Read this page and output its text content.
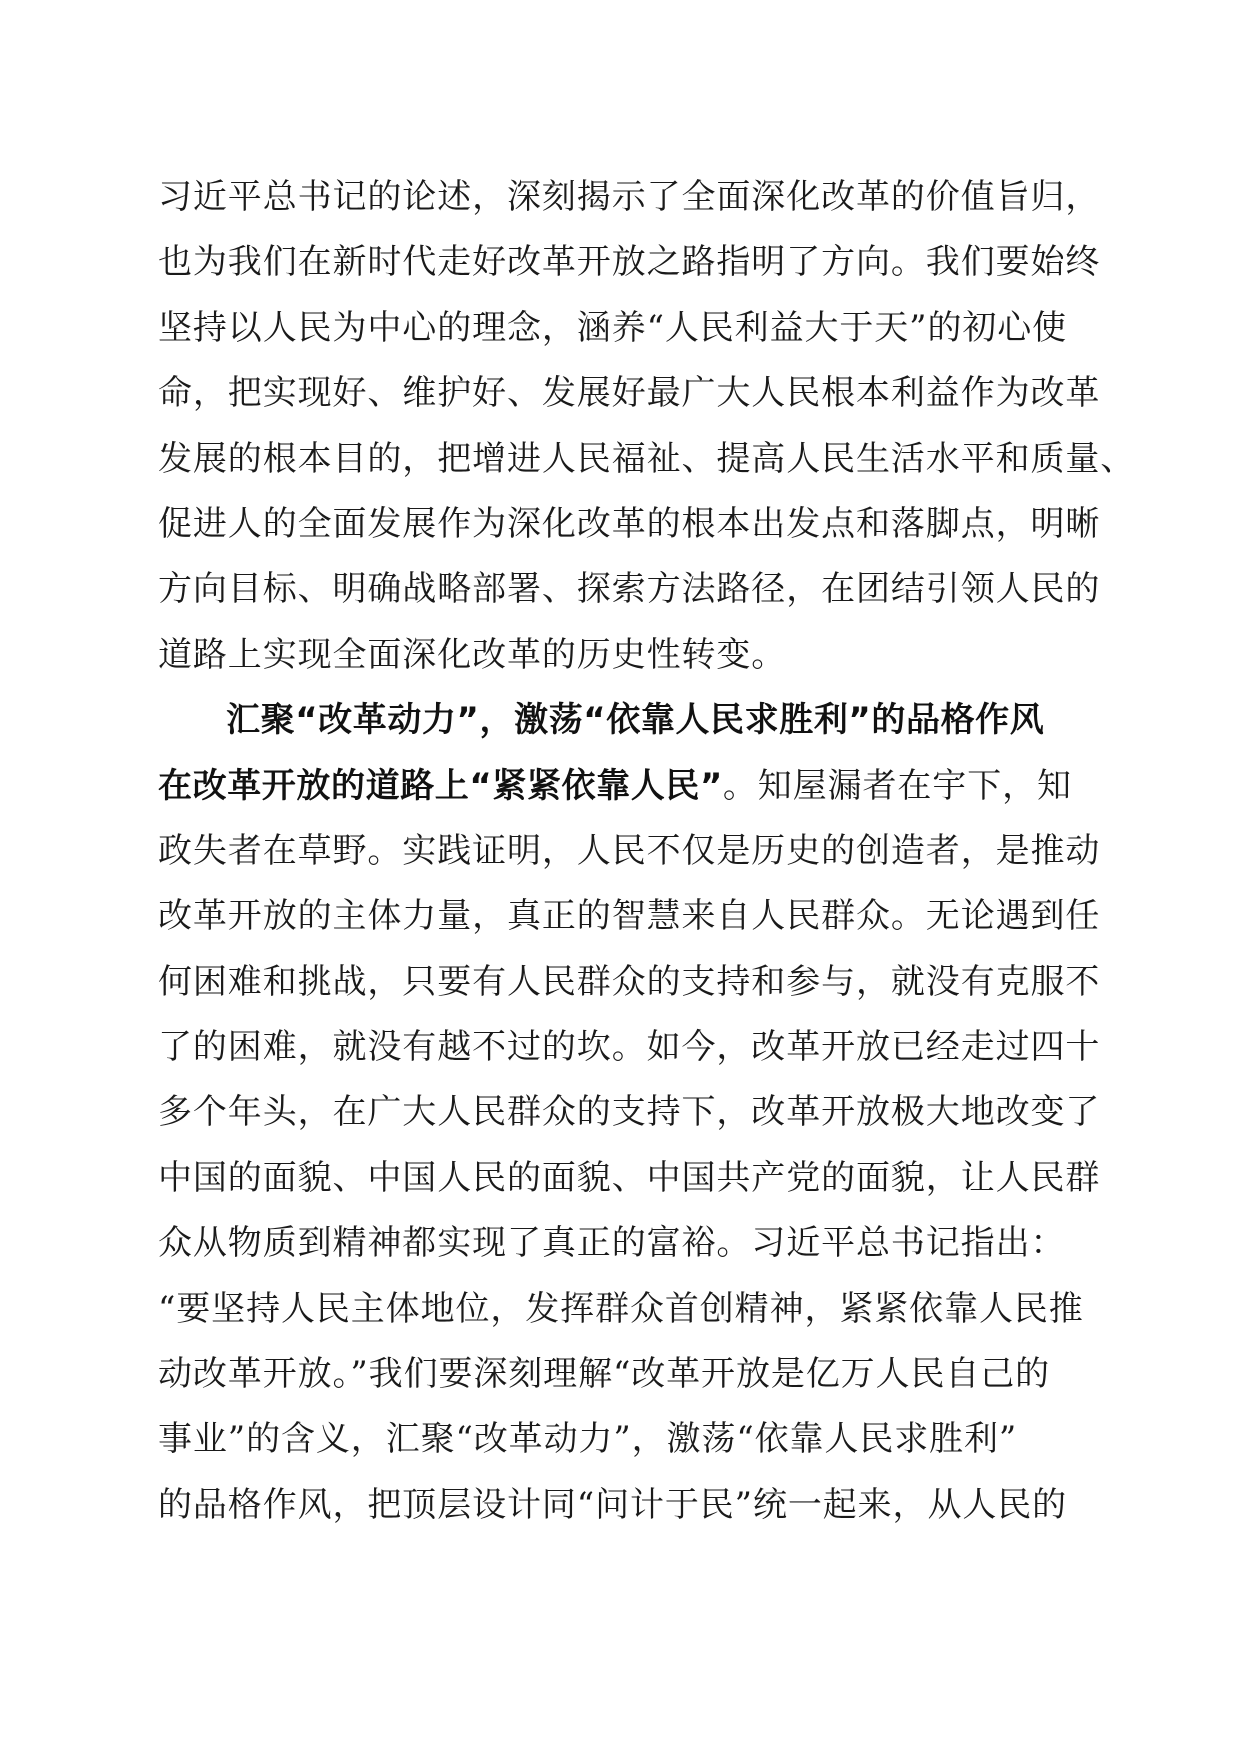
习近平总书记的论述，深刻揭示了全面深化改革的价值旨归，
也为我们在新时代走好改革开放之路指明了方向。我们要始终
坚持以人民为中心的理念，涵养“人民利益大于天”的初心使
命，把实现好、维护好、发展好最广大人民根本利益作为改革
发展的根本目的，把增进人民福祉、提高人民生活水平和质量、
促进人的全面发展作为深化改革的根本出发点和落脚点，明晰
方向目标、明确战略部署、探索方法路径，在团结引领人民的
道路上实现全面深化改革的历史性转变。
汇聚“改革动力”，激荡“依靠人民求胜利”的品格作风
在改革开放的道路上“紧紧依靠人民”。知屋漏者在宇下，知
政失者在草野。实践证明，人民不仅是历史的创造者，是推动
改革开放的主体力量，真正的智慧来自人民群众。无论遇到任
何困难和挑战，只要有人民群众的支持和参与，就没有克服不
了的困难，就没有越不过的坎。如今，改革开放已经走过四十
多个年头，在广大人民群众的支持下，改革开放极大地改变了
中国的面貌、中国人民的面貌、中国共产党的面貌，让人民群
众从物质到精神都实现了真正的富裕。习近平总书记指出：
“要坚持人民主体地位，发挥群众首创精神，紧紧依靠人民推
动改革开放。”我们要深刻理解“改革开放是亿万人民自己的
事业”的含义，汇聚“改革动力”，激荡“依靠人民求胜利”
的品格作风，把顶层设计同“问计于民”统一起来，从人民的
